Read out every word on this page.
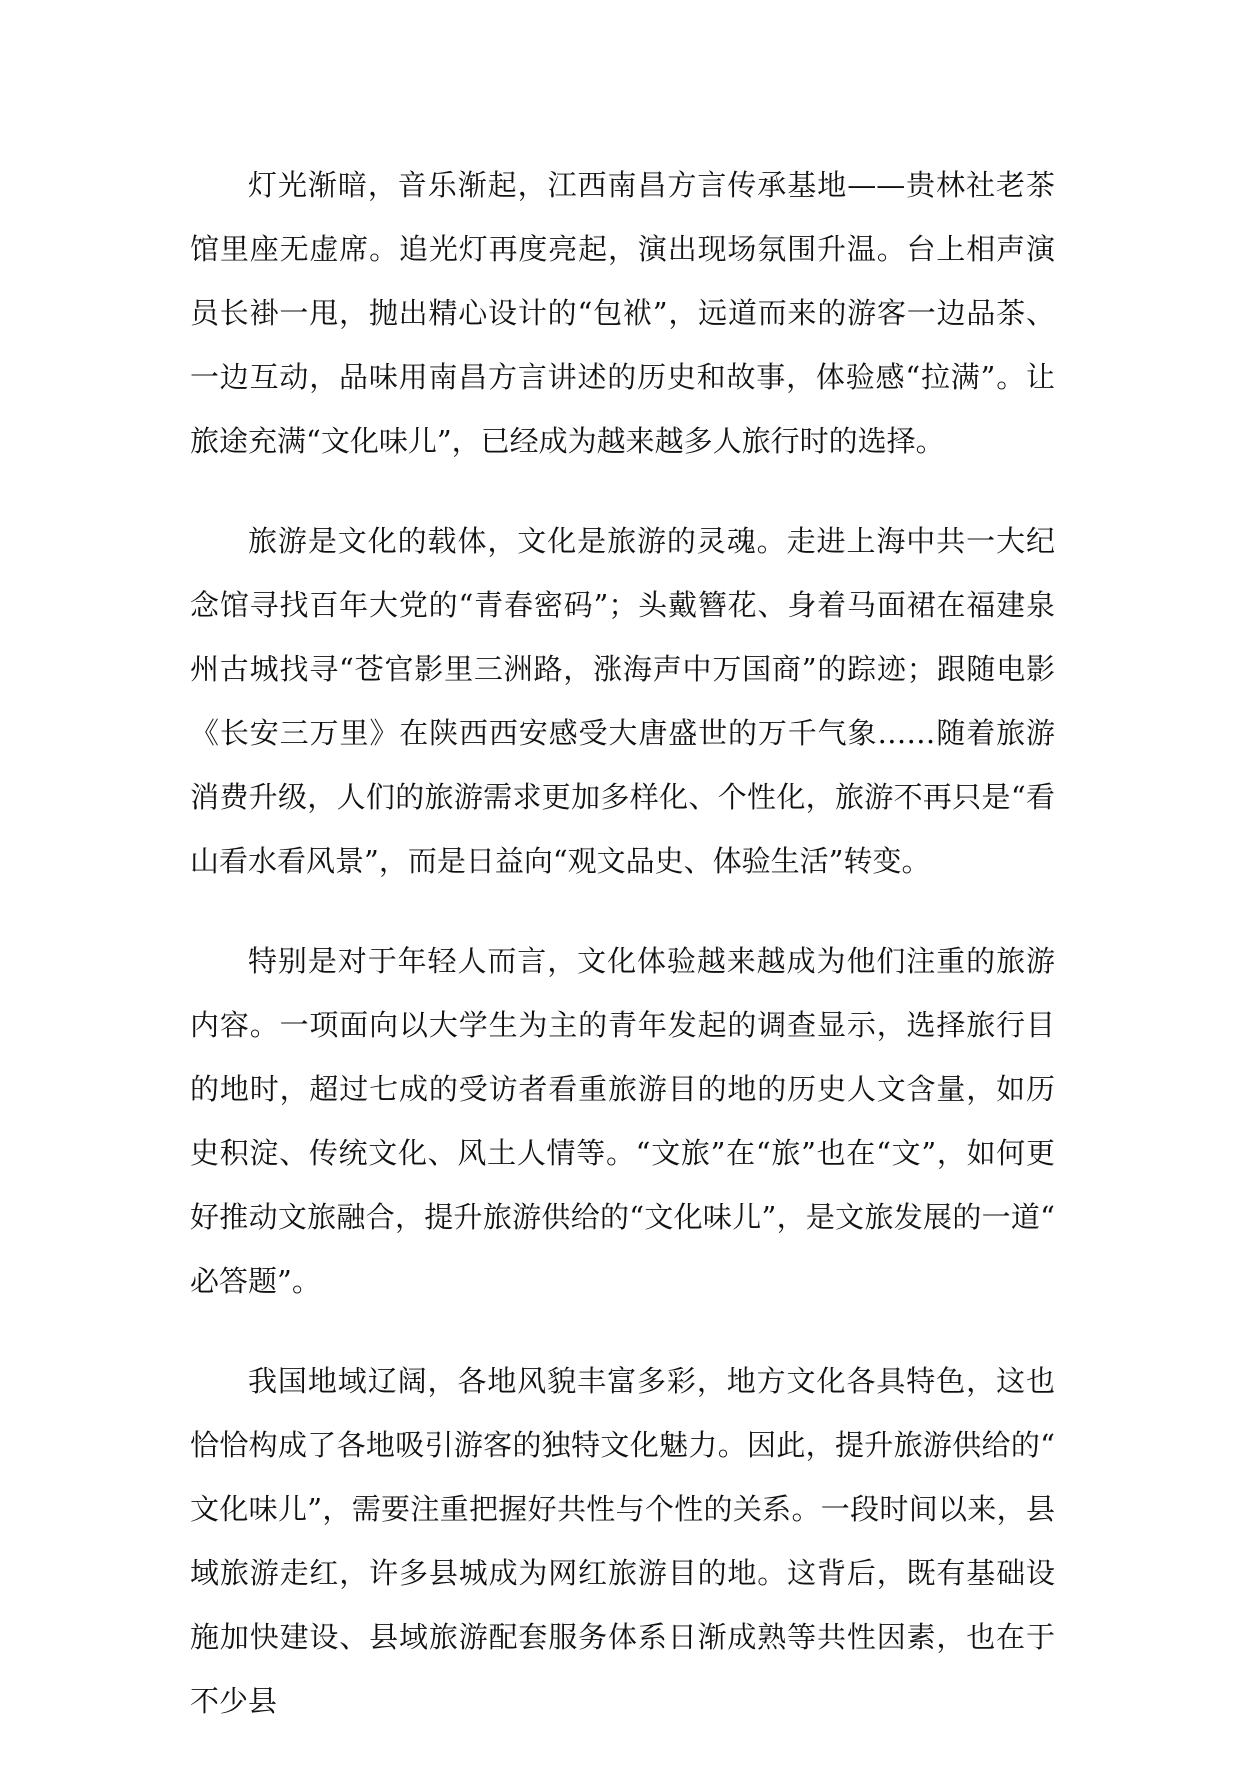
灯光渐暗，音乐渐起，江西南昌方言传承基地——贵林社老茶馆里座无虚席。追光灯再度亮起，演出现场氛围升温。台上相声演员长褂一甩，抛出精心设计的“包袱”，远道而来的游客一边品茶、一边互动，品味用南昌方言讲述的历史和故事，体验感“拉满”。让旅途充满“文化味儿”，已经成为越来越多人旅行时的选择。

旅游是文化的载体，文化是旅游的灵魂。走进上海中共一大纪念馆寻找百年大党的“青春密码”；头戴簪花、身着马面裙在福建泉州古城找寻“苍官影里三洲路，涨海声中万国商”的踪迹；跟随电影《长安三万里》在陕西西安感受大唐盛世的万千气象……随着旅游消费升级，人们的旅游需求更加多样化、个性化，旅游不再只是“看山看水看风景”，而是日益向“观文品史、体验生活”转变。

特别是对于年轻人而言，文化体验越来越成为他们注重的旅游内容。一项面向以大学生为主的青年发起的调查显示，选择旅行目的地时，超过七成的受访者看重旅游目的地的历史人文含量，如历史积淀、传统文化、风土人情等。“文旅”在“旅”也在“文”，如何更好推动文旅融合，提升旅游供给的“文化味儿”，是文旅发展的一道“必答题”。

我国地域辽阔，各地风貌丰富多彩，地方文化各具特色，这也恰恰构成了各地吸引游客的独特文化魅力。因此，提升旅游供给的“文化味儿”，需要注重把握好共性与个性的关系。一段时间以来，县域旅游走红，许多县城成为网红旅游目的地。这背后，既有基础设施加快建设、县域旅游配套服务体系日渐成熟等共性因素，也在于不少县
